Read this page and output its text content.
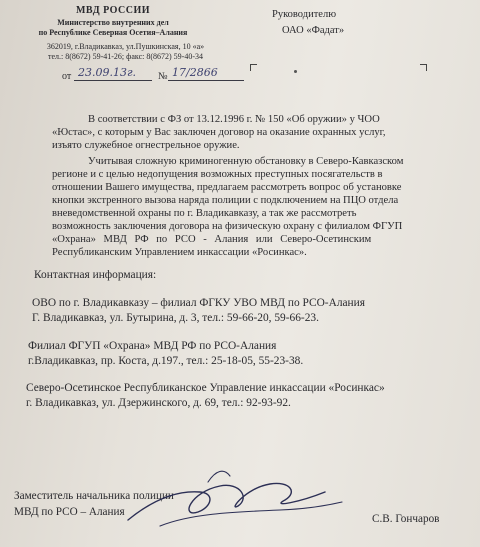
МВД РОССИИ
Министерство внутренних дел
по Республике Северная Осетия–Алания
362019, г.Владикавказ, ул.Пушкинская, 10 «а»
тел.: 8(8672) 59-41-26; факс: 8(8672) 59-40-34
от 23.09.13г. № 17/2866
Руководителю
ОАО «Фадат»
В соответствии с ФЗ от 13.12.1996 г. № 150 «Об оружии» у ЧОО
«Юстас», с которым у Вас заключен договор на оказание охранных услуг,
изъято служебное огнестрельное оружие.
Учитывая сложную криминогенную обстановку в Северо-Кавказском
регионе и с целью недопущения возможных преступных посягательств в
отношении Вашего имущества, предлагаем рассмотреть вопрос об установке
кнопки экстренного вызова наряда полиции с подключением на ПЦО отдела
вневедомственной охраны по г. Владикавказу, а так же рассмотреть
возможность заключения договора на физическую охрану с филиалом ФГУП
«Охрана» МВД РФ по РСО - Алания или Северо-Осетинским
Республиканским Управлением инкассации «Росинкас».
Контактная информация:
ОВО по г. Владикавказу – филиал ФГКУ УВО МВД по РСО-Алания
Г. Владикавказ, ул. Бутырина, д. 3, тел.: 59-66-20, 59-66-23.
Филиал ФГУП «Охрана» МВД РФ по РСО-Алания
г.Владикавказ, пр. Коста, д.197., тел.: 25-18-05, 55-23-38.
Северо-Осетинское Республиканское Управление инкассации «Росинкас»
г. Владикавказ, ул. Дзержинского, д. 69, тел.: 92-93-92.
Заместитель начальника полиции
МВД по РСО – Алания
С.В. Гончаров
